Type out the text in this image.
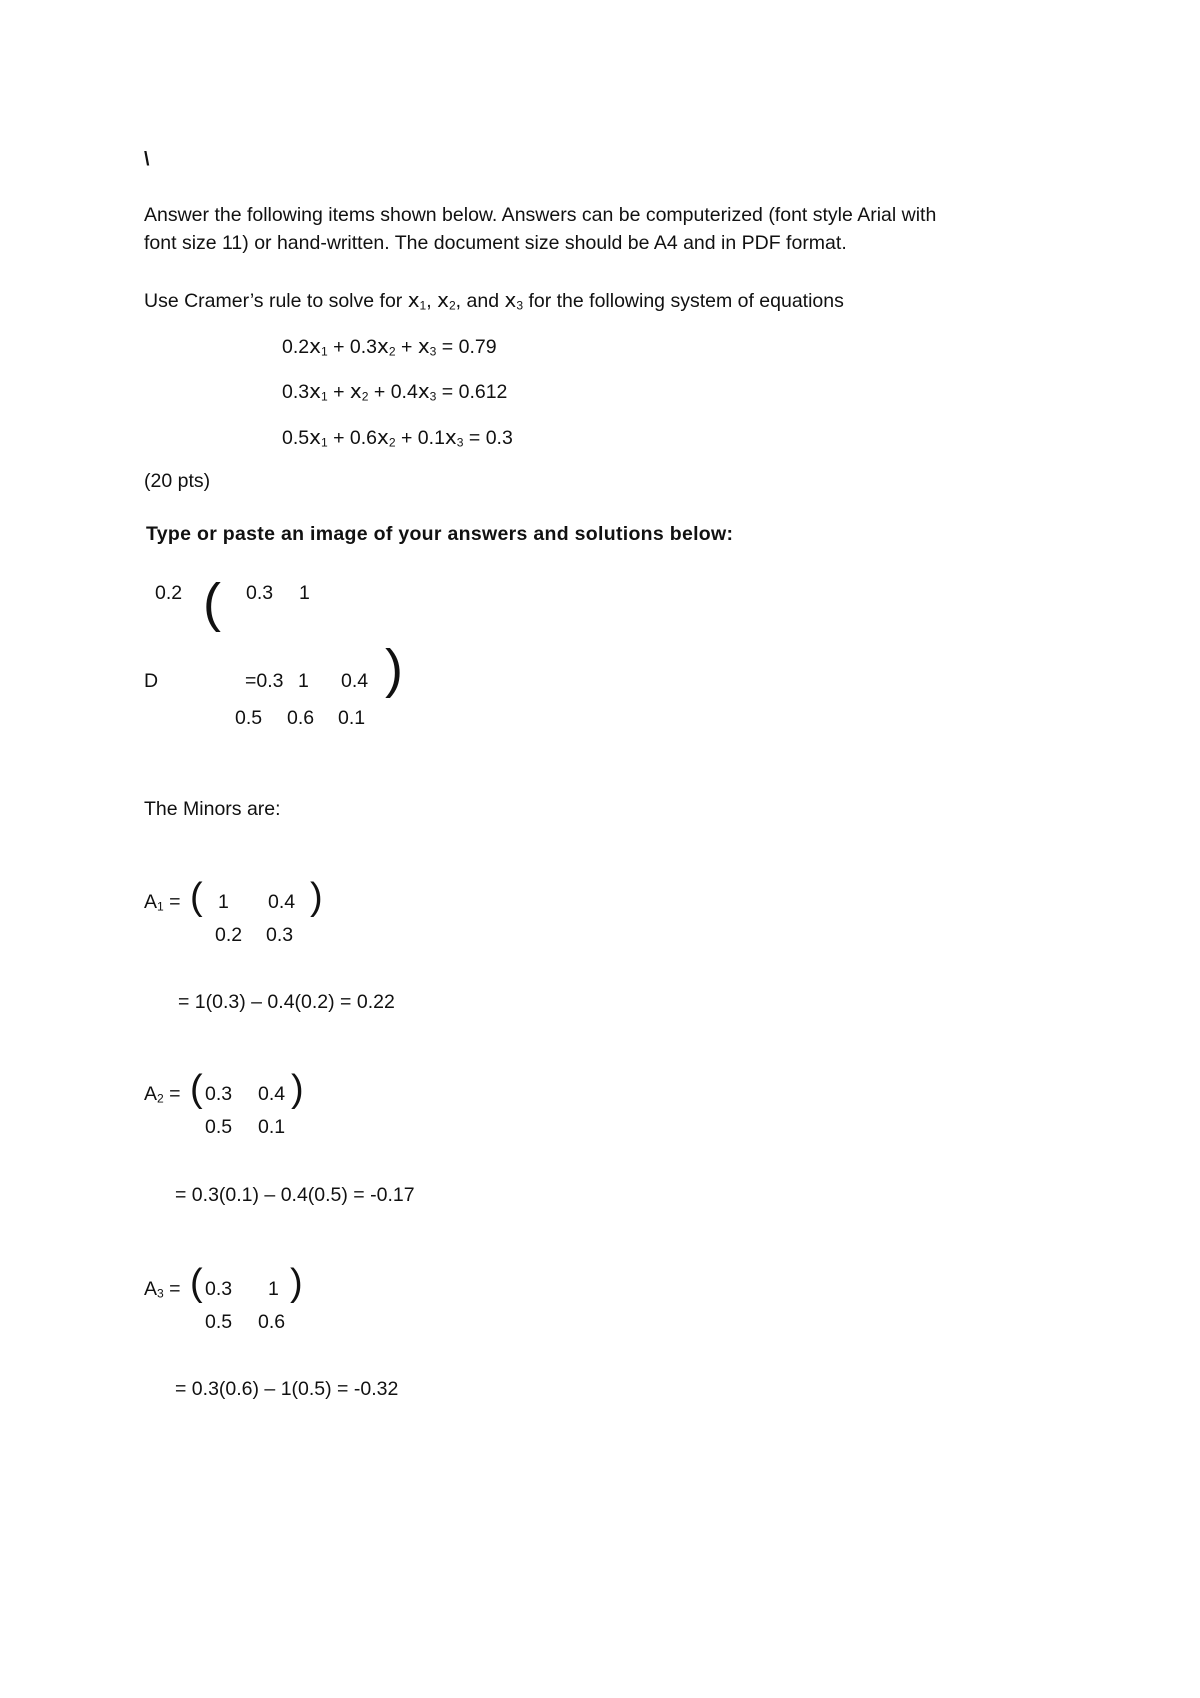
\
Answer the following items shown below. Answers can be computerized (font style Arial with
font size 11) or hand-written. The document size should be A4 and in PDF format.
Use Cramer’s rule to solve for $x_1$, $x_2$, and $x_3$ for the following system of equations
$0.2x_1 + 0.3x_2 + x_3 = 0.79$
$0.3x_1 + x_2 + 0.4x_3 = 0.612$
$0.5x_1 + 0.6x_2 + 0.1x_3 = 0.3$
(20 pts)
Type or paste an image of your answers and solutions below:
0.2 ( 0.3 1
D	=0.3 1 0.4 )
0.5 0.6 0.1
The Minors are:
$A_1$ = ( 1 0.4 )
0.2 0.3
= 1(0.3) – 0.4(0.2) = 0.22
$A_2$ = ( 0.3 0.4 )
0.5 0.1
= 0.3(0.1) – 0.4(0.5) = -0.17
$A_3$ = ( 0.3 1 )
0.5 0.6
= 0.3(0.6) – 1(0.5) = -0.32
